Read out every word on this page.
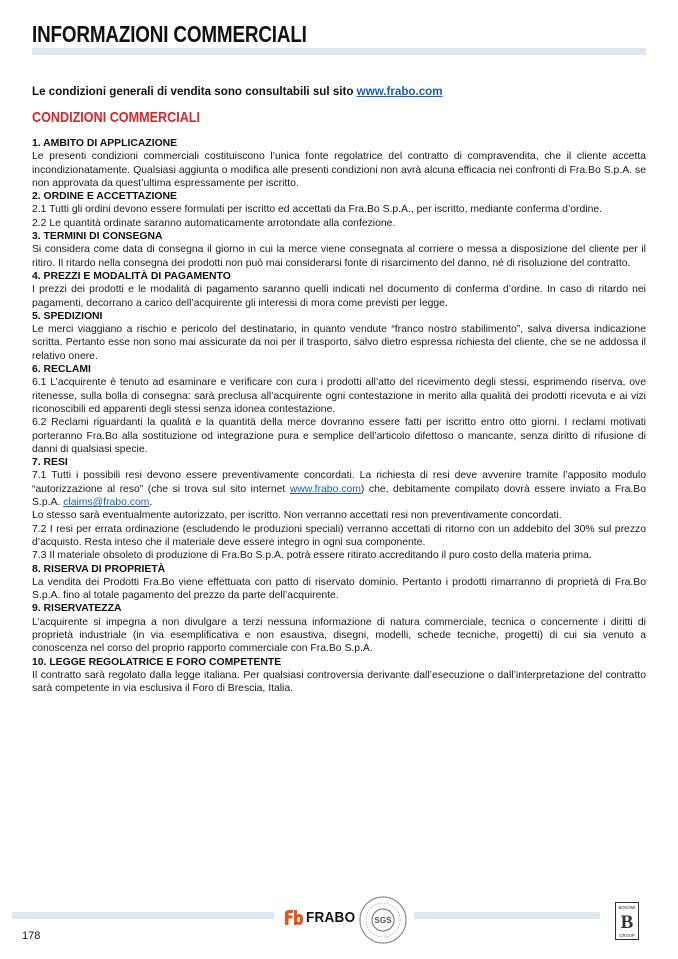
INFORMAZIONI COMMERCIALI
Le condizioni generali di vendita sono consultabili sul sito www.frabo.com
CONDIZIONI COMMERCIALI
1. AMBITO DI APPLICAZIONE

Le presenti condizioni commerciali costituiscono l’unica fonte regolatrice del contratto di compravendita, che il cliente accetta incondizionatamente. Qualsiasi aggiunta o modifica alle presenti condizioni non avrà alcuna efficacia nei confronti di Fra.Bo S.p.A. se non approvata da quest’ultima espressamente per iscritto.

2. ORDINE E ACCETTAZIONE

2.1 Tutti gli ordini devono essere formulati per iscritto ed accettati da Fra.Bo S.p.A., per iscritto, mediante conferma d’ordine.

2.2 Le quantità ordinate saranno automaticamente arrotondate alla confezione.

3. TERMINI DI CONSEGNA

Si considera come data di consegna il giorno in cui la merce viene consegnata al corriere o messa a disposizione del cliente per il ritiro. Il ritardo nella consegna dei prodotti non può mai considerarsi fonte di risarcimento del danno, né di risoluzione del contratto.

4. PREZZI E MODALITÀ DI PAGAMENTO

I prezzi dei prodotti e le modalità di pagamento saranno quelli indicati nel documento di conferma d’ordine. In caso di ritardo nei pagamenti, decorrano a carico dell’acquirente gli interessi di mora come previsti per legge.

5. SPEDIZIONI

Le merci viaggiano a rischio e pericolo del destinatario, in quanto vendute “franco nostro stabilimento”, salva diversa indicazione scritta. Pertanto esse non sono mai assicurate da noi per il trasporto, salvo dietro espressa richiesta del cliente, che se ne addossa il relativo onere.

6. RECLAMI

6.1 L’acquirente è tenuto ad esaminare e verificare con cura i prodotti all’atto del ricevimento degli stessi, esprimendo riserva, ove ritenesse, sulla bolla di consegna: sarà preclusa all’acquirente ogni contestazione in merito alla qualità dei prodotti ricevuta e ai vizi riconoscibili ed apparenti degli stessi senza idonea contestazione.

6.2 Reclami riguardanti la qualità e la quantità della merce dovranno essere fatti per iscritto entro otto giorni. I reclami motivati porteranno Fra.Bo alla sostituzione od integrazione pura e semplice dell’articolo difettoso o mancante, senza diritto di rifusione di danni di qualsiasi specie.

7. RESI

7.1 Tutti i possibili resi devono essere preventivamente concordati. La richiesta di resi deve avvenire tramite l’apposito modulo “autorizzazione al reso” (che si trova sul sito internet www.frabo.com) che, debitamente compilato dovrà essere inviato a Fra.Bo S.p.A. claims@frabo.com.

Lo stesso sarà eventualmente autorizzato, per iscritto. Non verranno accettati resi non preventivamente concordati.

7.2 I resi per errata ordinazione (escludendo le produzioni speciali) verranno accettati di ritorno con un addebito del 30% sul prezzo d’acquisto. Resta inteso che il materiale deve essere integro in ogni sua componente.

7.3 Il materiale obsoleto di produzione di Fra.Bo S.p.A. potrà essere ritirato accreditando il puro costo della materia prima.

8. RISERVA DI PROPRIETÀ

La vendita dei Prodotti Fra.Bo viene effettuata con patto di riservato dominio. Pertanto i prodotti rimarranno di proprietà di Fra.Bo S.p.A. fino al totale pagamento del prezzo da parte dell’acquirente.

9. RISERVATEZZA

L’acquirente si impegna a non divulgare a terzi nessuna informazione di natura commerciale, tecnica o concernente i diritti di proprietà industriale (in via esemplificativa e non esaustiva, disegni, modelli, schede tecniche, progetti) di cui sia venuto a conoscenza nel corso del proprio rapporto commerciale con Fra.Bo S.p.A.

10. LEGGE REGOLATRICE E FORO COMPETENTE

Il contratto sarà regolato dalla legge italiana. Per qualsiasi controversia derivante dall’esecuzione o dall’interpretazione del contratto sarà competente in via esclusiva il Foro di Brescia, Italia.

FRABO SGS
BONOMI
B
GROUP
178
